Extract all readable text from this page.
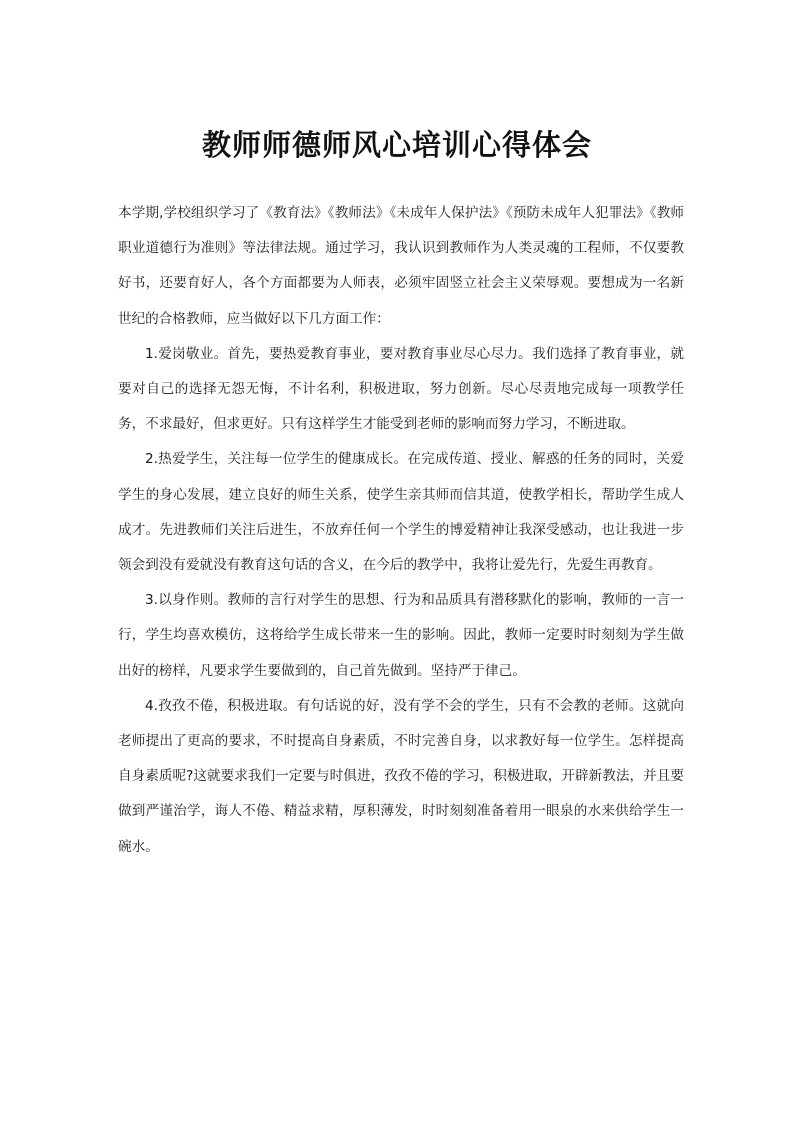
教师师德师风心培训心得体会

本学期,学校组织学习了《教育法》《教师法》《未成年人保护法》《预防未成年人犯罪法》《教师职业道德行为准则》等法律法规。通过学习，我认识到教师作为人类灵魂的工程师，不仅要教好书，还要育好人，各个方面都要为人师表，必须牢固竖立社会主义荣辱观。要想成为一名新世纪的合格教师，应当做好以下几方面工作：

1.爱岗敬业。首先，要热爱教育事业，要对教育事业尽心尽力。我们选择了教育事业，就要对自己的选择无怨无悔，不计名利，积极进取，努力创新。尽心尽责地完成每一项教学任务，不求最好，但求更好。只有这样学生才能受到老师的影响而努力学习，不断进取。

2.热爱学生，关注每一位学生的健康成长。在完成传道、授业、解惑的任务的同时，关爱学生的身心发展，建立良好的师生关系，使学生亲其师而信其道，使教学相长，帮助学生成人成才。先进教师们关注后进生，不放弃任何一个学生的博爱精神让我深受感动，也让我进一步领会到没有爱就没有教育这句话的含义，在今后的教学中，我将让爱先行，先爱生再教育。

3.以身作则。教师的言行对学生的思想、行为和品质具有潜移默化的影响，教师的一言一行，学生均喜欢模仿，这将给学生成长带来一生的影响。因此，教师一定要时时刻刻为学生做出好的榜样，凡要求学生要做到的，自己首先做到。坚持严于律己。

4.孜孜不倦，积极进取。有句话说的好，没有学不会的学生，只有不会教的老师。这就向老师提出了更高的要求，不时提高自身素质，不时完善自身，以求教好每一位学生。怎样提高自身素质呢?这就要求我们一定要与时俱进，孜孜不倦的学习，积极进取，开辟新教法，并且要做到严谨治学，诲人不倦、精益求精，厚积薄发，时时刻刻准备着用一眼泉的水来供给学生一碗水。
